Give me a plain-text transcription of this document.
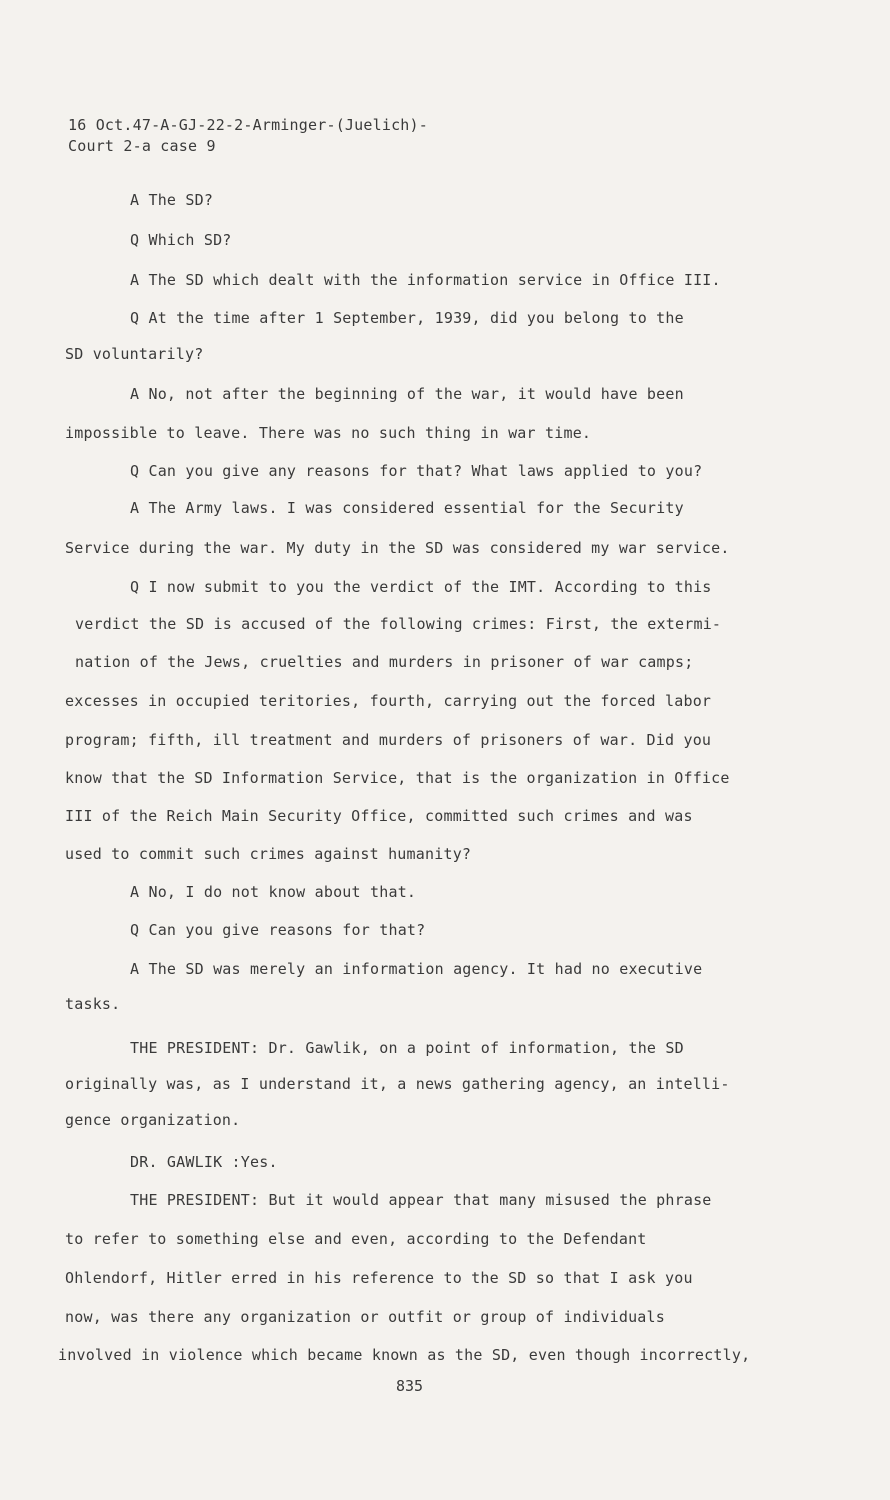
16 Oct.47-A-GJ-22-2-Arminger-(Juelich)-
Court 2-a case 9
A The SD?
Q Which SD?
A The SD which dealt with the information service in Office III.
Q At the time after 1 September, 1939, did you belong to the
SD voluntarily?
A No, not after the beginning of the war, it would have been
impossible to leave. There was no such thing in war time.
Q Can you give any reasons for that? What laws applied to you?
A The Army laws. I was considered essential for the Security
Service during the war. My duty in the SD was considered my war service.
Q I now submit to you the verdict of the IMT. According to this
verdict the SD is accused of the following crimes: First, the extermi-
nation of the Jews, cruelties and murders in prisoner of war camps;
excesses in occupied teritories, fourth, carrying out the forced labor
program; fifth, ill treatment and murders of prisoners of war. Did you
know that the SD Information Service, that is the organization in Office
III of the Reich Main Security Office, committed such crimes and was
used to commit such crimes against humanity?
A No, I do not know about that.
Q Can you give reasons for that?
A The SD was merely an information agency. It had no executive
tasks.
THE PRESIDENT: Dr. Gawlik, on a point of information, the SD
originally was, as I understand it, a news gathering agency, an intelli-
gence organization.
DR. GAWLIK :Yes.
THE PRESIDENT: But it would appear that many misused the phrase
to refer to something else and even, according to the Defendant
Ohlendorf, Hitler erred in his reference to the SD so that I ask you
now, was there any organization or outfit or group of individuals
involved in violence which became known as the SD, even though incorrectly,
835
